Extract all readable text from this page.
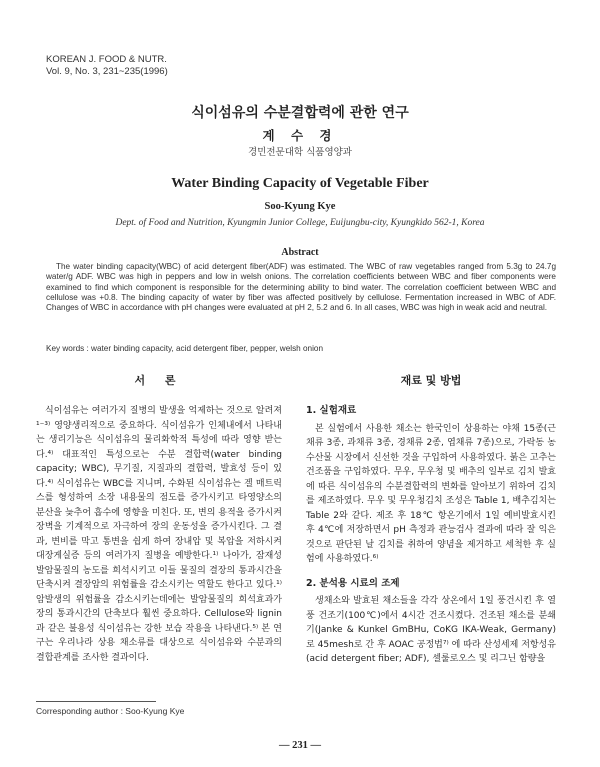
KOREAN J. FOOD & NUTR.
Vol. 9, No. 3, 231~235(1996)
식이섬유의 수분결합력에 관한 연구
계 수 경
경민전문대학 식품영양과
Water Binding Capacity of Vegetable Fiber
Soo-Kyung Kye
Dept. of Food and Nutrition, Kyungmin Junior College, Euijungbu-city, Kyungkido 562-1, Korea
Abstract

The water binding capacity(WBC) of acid detergent fiber(ADF) was estimated. The WBC of raw vegetables ranged from 5.3g to 24.7g water/g ADF. WBC was high in peppers and low in welsh onions. The correlation coefficients between WBC and fiber components were examined to find which component is responsible for the determining ability to bind water. The correlation coefficient between WBC and cellulose was +0.8. The binding capacity of water by fiber was affected positively by cellulose. Fermentation increased in WBC of ADF. Changes of WBC in accordance with pH changes were evaluated at pH 2, 5.2 and 6. In all cases, WBC was high in weak acid and neutral.

Key words : water binding capacity, acid detergent fiber, pepper, welsh onion
서 론	재료 및 방법

식이섬유는 여러가지 질병의 발생을 억제하는 것으로 알려져¹⁻³⁾ 영양생리적으로 중요하다. 식이섬유가 인체내에서 나타내는 생리기능은 식이섬유의 물리화학적 특성에 따라 영향 받는다.⁴⁾ 대표적인 특성으로는 수분 결합력(water binding capacity; WBC), 무기질, 지질과의 결합력, 발효성 등이 있다.⁴⁾ 식이섬유는 WBC를 지니며, 수화된 식이섬유는 겔 매트릭스를 형성하여 소장 내용물의 점도를 증가시키고 타영양소의 분산을 늦추어 흡수에 영향을 미친다. 또, 변의 용적을 증가시켜 장벽을 기계적으로 자극하여 장의 운동성을 증가시킨다. 그 결과, 변비를 막고 통변을 쉽게 하여 장내압 및 복압을 저하시켜 대장게실증 등의 여러가지 질병을 예방한다.¹⁾ 나아가, 잠재성 발암물질의 농도를 희석시키고 이들 물질의 결장의 통과시간을 단축시켜 결장암의 위험률을 감소시키는 역할도 한다고 있다.¹⁾ 암발생의 위험률을 감소시키는데에는 발암물질의 희석효과가 장의 통과시간의 단축보다 훨씬 중요하다. Cellulose와 lignin과 같은 불용성 식이섬유는 강한 보습 작용을 나타낸다.⁵⁾ 본 연구는 우리나라 상용 채소류를 대상으로 식이섬유와 수분과의 결합관계를 조사한 결과이다.

1. 실험재료

본 실험에서 사용한 채소는 한국인이 상용하는 야채 15종(근채류 3종, 과채류 3종, 경채류 2종, 엽채류 7종)으로, 가락동 농수산물 시장에서 신선한 것을 구입하여 사용하였다. 붉은 고추는 건조품을 구입하였다. 무우, 무우청 및 배추의 일부로 김치 발효에 따른 식이섬유의 수분결합력의 변화를 알아보기 위하여 김치를 제조하였다. 무우 및 무우청김치 조성은 Table 1, 배추김치는 Table 2와 같다. 제조 후 18℃ 항온기에서 1일 예비발효시킨 후 4℃에 저장하면서 pH 측정과 관능검사 결과에 따라 잘 익은 것으로 판단된 날 김치를 취하여 양념을 제거하고 세척한 후 실험에 사용하였다.⁶⁾

2. 분석용 시료의 조제

생채소와 발효된 채소들을 각각 상온에서 1일 풍건시킨 후 열풍 건조기(100℃)에서 4시간 건조시켰다. 건조된 채소를 분쇄기(Janke & Kunkel GmBHu, CoKG IKA-Weak, Germany)로 45mesh로 간 후 AOAC 공정법⁷⁾ 에 따라 산성세제 저항성유(acid detergent fiber; ADF), 셀룰로오스 및 리그닌 함량을

Corresponding author : Soo-Kyung Kye
— 231 —
